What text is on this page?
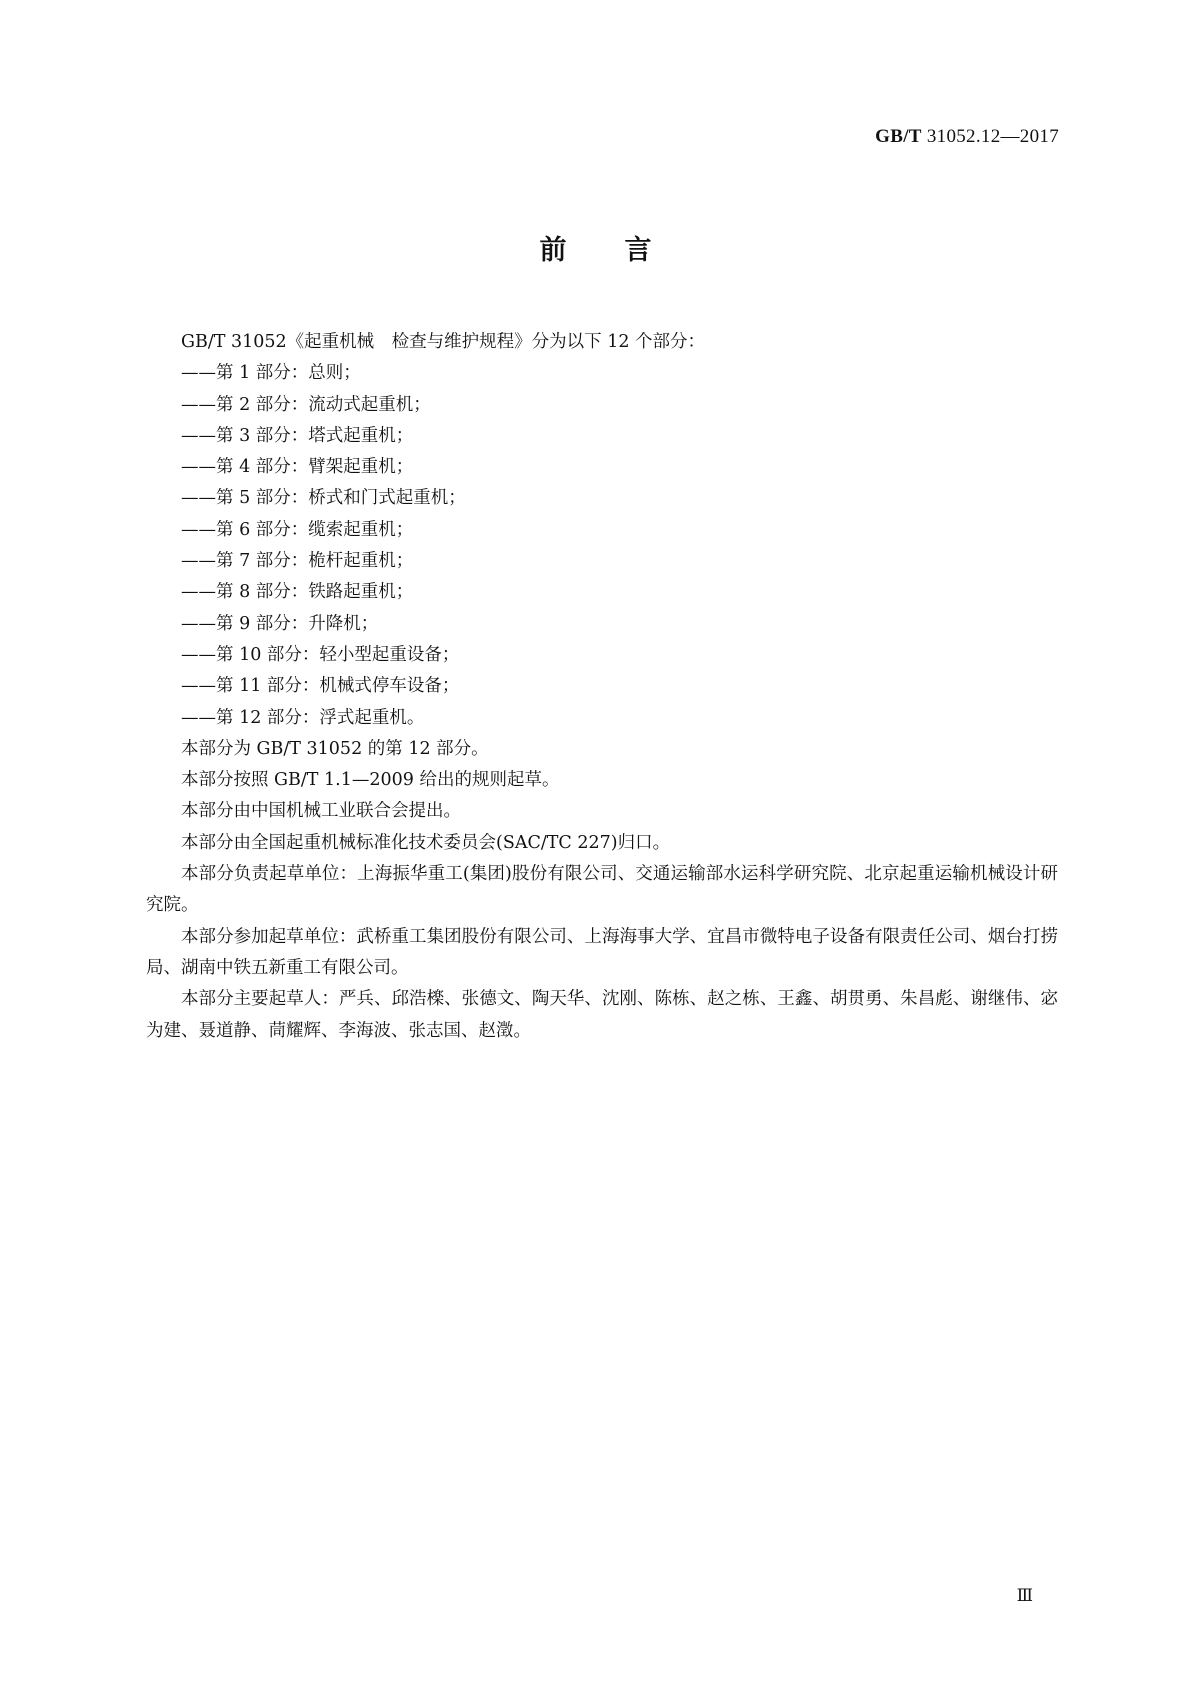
GB/T 31052.12—2017
前 言

GB/T 31052《起重机械　检查与维护规程》分为以下 12 个部分：

——第 1 部分：总则；

——第 2 部分：流动式起重机；

——第 3 部分：塔式起重机；

——第 4 部分：臂架起重机；

——第 5 部分：桥式和门式起重机；

——第 6 部分：缆索起重机；

——第 7 部分：桅杆起重机；

——第 8 部分：铁路起重机；

——第 9 部分：升降机；

——第 10 部分：轻小型起重设备；

——第 11 部分：机械式停车设备；

——第 12 部分：浮式起重机。

本部分为 GB/T 31052 的第 12 部分。

本部分按照 GB/T 1.1—2009 给出的规则起草。

本部分由中国机械工业联合会提出。

本部分由全国起重机械标准化技术委员会(SAC/TC 227)归口。

本部分负责起草单位：上海振华重工(集团)股份有限公司、交通运输部水运科学研究院、北京起重运输机械设计研究院。

本部分参加起草单位：武桥重工集团股份有限公司、上海海事大学、宜昌市微特电子设备有限责任公司、烟台打捞局、湖南中铁五新重工有限公司。

本部分主要起草人：严兵、邱浩檪、张德文、陶天华、沈刚、陈栋、赵之栋、王鑫、胡贯勇、朱昌彪、谢继伟、宓为建、聂道静、茼耀辉、李海波、张志国、赵澂。

Ⅲ
